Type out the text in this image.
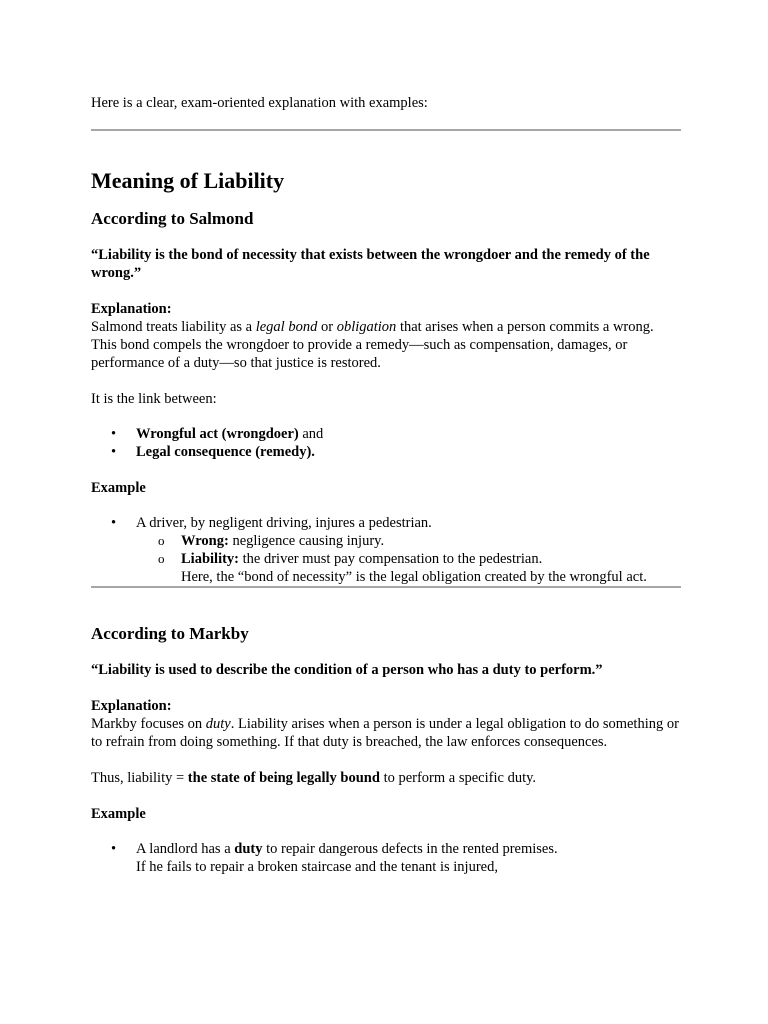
Here is a clear, exam-oriented explanation with examples:

Meaning of Liability
According to Salmond

“Liability is the bond of necessity that exists between the wrongdoer and the remedy of the wrong.”

Explanation:

Salmond treats liability as a legal bond or obligation that arises when a person commits a wrong. This bond compels the wrongdoer to provide a remedy—such as compensation, damages, or performance of a duty—so that justice is restored.

It is the link between:

• Wrongful act (wrongdoer) and
• Legal consequence (remedy).

Example

• A driver, by negligent driving, injures a pedestrian.
o Wrong: negligence causing injury.
o Liability: the driver must pay compensation to the pedestrian.
Here, the “bond of necessity” is the legal obligation created by the wrongful act.
According to Markby

“Liability is used to describe the condition of a person who has a duty to perform.”

Explanation:

Markby focuses on duty. Liability arises when a person is under a legal obligation to do something or to refrain from doing something. If that duty is breached, the law enforces consequences.

Thus, liability = the state of being legally bound to perform a specific duty.

Example

• A landlord has a duty to repair dangerous defects in the rented premises.
If he fails to repair a broken staircase and the tenant is injured,
